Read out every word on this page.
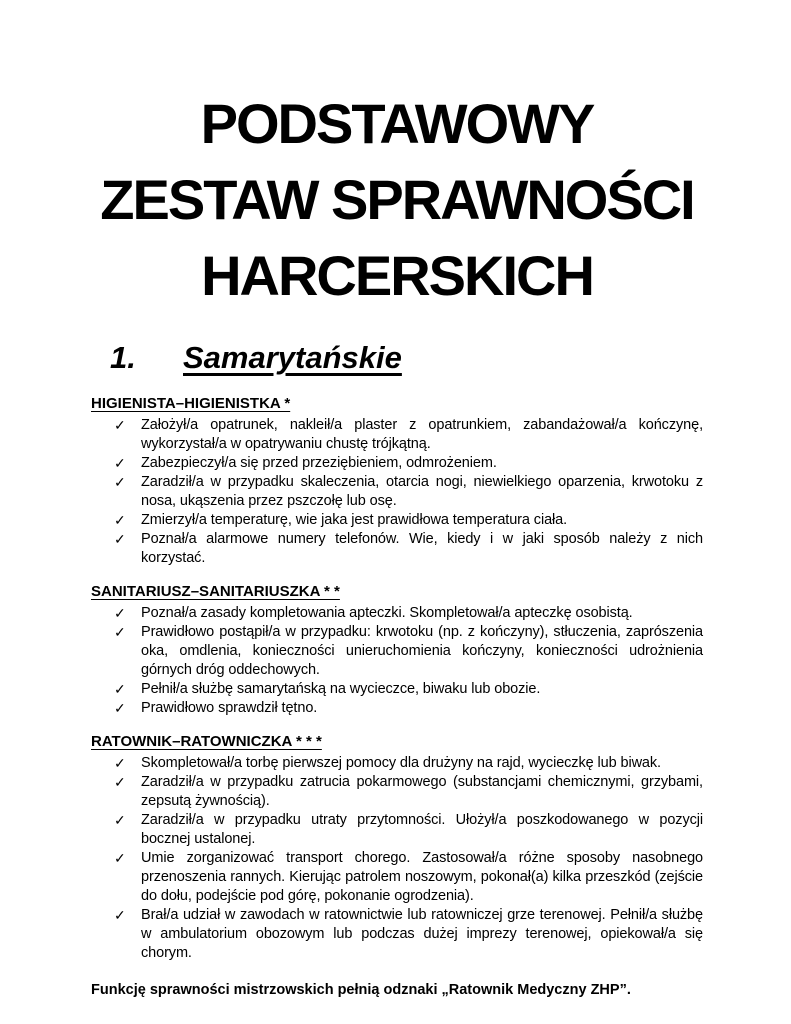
PODSTAWOWY
ZESTAW SPRAWNOŚCI
HARCERSKICH
1.	Samarytańskie
HIGIENISTA–HIGIENISTKA *
✓ Założył/a opatrunek, nakleił/a plaster z opatrunkiem, zabandażował/a kończynę, wykorzystał/a w opatrywaniu chustę trójkątną.
✓ Zabezpieczył/a się przed przeziębieniem, odmrożeniem.
✓ Zaradził/a w przypadku skaleczenia, otarcia nogi, niewielkiego oparzenia, krwotoku z nosa, ukąszenia przez pszczołę lub osę.
✓ Zmierzył/a temperaturę, wie jaka jest prawidłowa temperatura ciała.
✓ Poznał/a alarmowe numery telefonów. Wie, kiedy i w jaki sposób należy z nich korzystać.
SANITARIUSZ–SANITARIUSZKA * *
✓ Poznał/a zasady kompletowania apteczki. Skompletował/a apteczkę osobistą.
✓ Prawidłowo postąpił/a w przypadku: krwotoku (np. z kończyny), stłuczenia, zaprószenia oka, omdlenia, konieczności unieruchomienia kończyny, konieczności udrożnienia górnych dróg oddechowych.
✓ Pełnił/a służbę samarytańską na wycieczce, biwaku lub obozie.
✓ Prawidłowo sprawdził tętno.
RATOWNIK–RATOWNICZKA * * *
✓ Skompletował/a torbę pierwszej pomocy dla drużyny na rajd, wycieczkę lub biwak.
✓ Zaradził/a w przypadku zatrucia pokarmowego (substancjami chemicznymi, grzybami, zepsutą żywnością).
✓ Zaradził/a w przypadku utraty przytomności. Ułożył/a poszkodowanego w pozycji bocznej ustalonej.
✓ Umie zorganizować transport chorego. Zastosował/a różne sposoby nasobnego przenoszenia rannych. Kierując patrolem noszowym, pokonał(a) kilka przeszkód (zejście do dołu, podejście pod górę, pokonanie ogrodzenia).
✓ Brał/a udział w zawodach w ratownictwie lub ratowniczej grze terenowej. Pełnił/a służbę w ambulatorium obozowym lub podczas dużej imprezy terenowej, opiekował/a się chorym.

Funkcję sprawności mistrzowskich pełnią odznaki „Ratownik Medyczny ZHP”.
